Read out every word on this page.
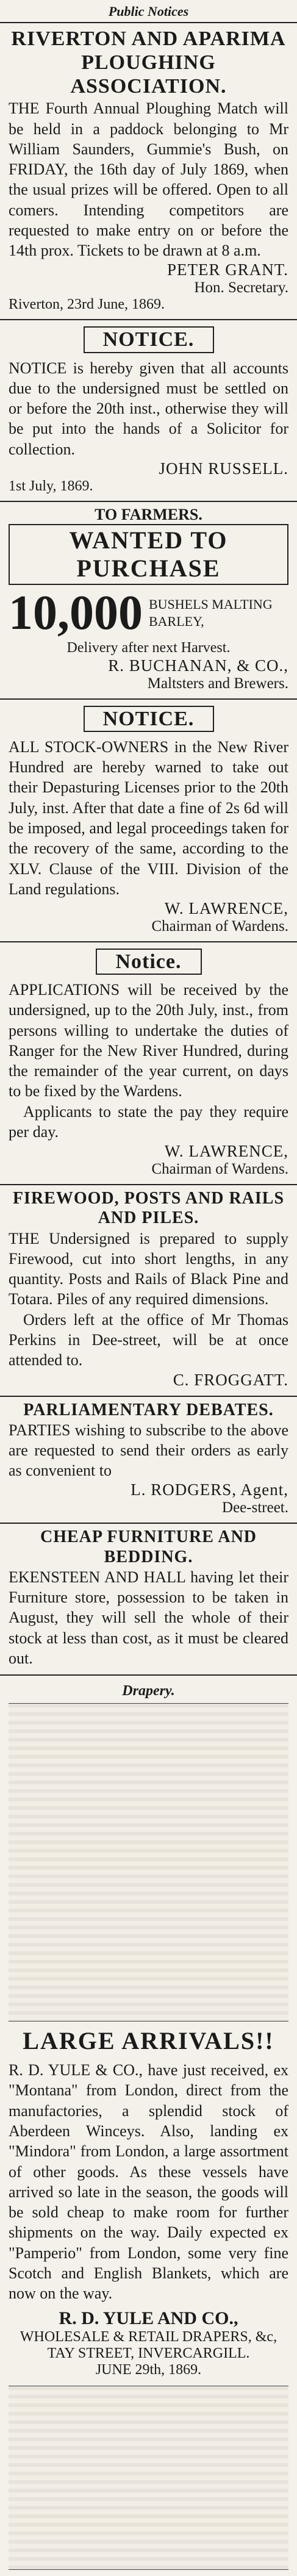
Public Notices
RIVERTON AND APARIMA
PLOUGHING ASSOCIATION.

THE Fourth Annual Ploughing Match will be held in a paddock belonging to Mr William Saunders, Gummie's Bush, on FRIDAY, the 16th day of July 1869, when the usual prizes will be offered. Open to all comers. Intending competitors are requested to make entry on or before the 14th prox. Tickets to be drawn at 8 a.m.

PETER GRANT.
Hon. Secretary.
Riverton, 23rd June, 1869.
NOTICE.

NOTICE is hereby given that all accounts due to the undersigned must be settled on or before the 20th inst., otherwise they will be put into the hands of a Solicitor for collection.

JOHN RUSSELL.
1st July, 1869.
TO FARMERS.
WANTED TO PURCHASE
10,000 BUSHELS MALTING BARLEY,
Delivery after next Harvest.
R. BUCHANAN, & CO.,
Maltsters and Brewers.
NOTICE.

ALL STOCK-OWNERS in the New River Hundred are hereby warned to take out their Depasturing Licenses prior to the 20th July, inst. After that date a fine of 2s 6d will be imposed, and legal proceedings taken for the recovery of the same, according to the XLV. Clause of the VIII. Division of the Land regulations.

W. LAWRENCE,
Chairman of Wardens.
Notice.

APPLICATIONS will be received by the undersigned, up to the 20th July, inst., from persons willing to undertake the duties of Ranger for the New River Hundred, during the remainder of the year current, on days to be fixed by the Wardens.

Applicants to state the pay they require per day.

W. LAWRENCE,
Chairman of Wardens.
FIREWOOD, POSTS AND RAILS AND PILES.

THE Undersigned is prepared to supply Firewood, cut into short lengths, in any quantity. Posts and Rails of Black Pine and Totara. Piles of any required dimensions.

Orders left at the office of Mr Thomas Perkins in Dee-street, will be at once attended to.

C. FROGGATT.
PARLIAMENTARY DEBATES.

PARTIES wishing to subscribe to the above are requested to send their orders as early as convenient to

L. RODGERS, Agent,
Dee-street.
CHEAP FURNITURE AND BEDDING.

EKENSTEEN AND HALL having let their Furniture store, possession to be taken in August, they will sell the whole of their stock at less than cost, as it must be cleared out.

Drapery.
LARGE ARRIVALS!!

R. D. YULE & CO., have just received, ex "Montana" from London, direct from the manufactories, a splendid stock of Aberdeen Winceys. Also, landing ex "Mindora" from London, a large assortment of other goods. As these vessels have arrived so late in the season, the goods will be sold cheap to make room for further shipments on the way. Daily expected ex "Pamperio" from London, some very fine Scotch and English Blankets, which are now on the way.

R. D. YULE AND CO.,
WHOLESALE & RETAIL DRAPERS, &c,
TAY STREET, INVERCARGILL.
JUNE 29th, 1869.
